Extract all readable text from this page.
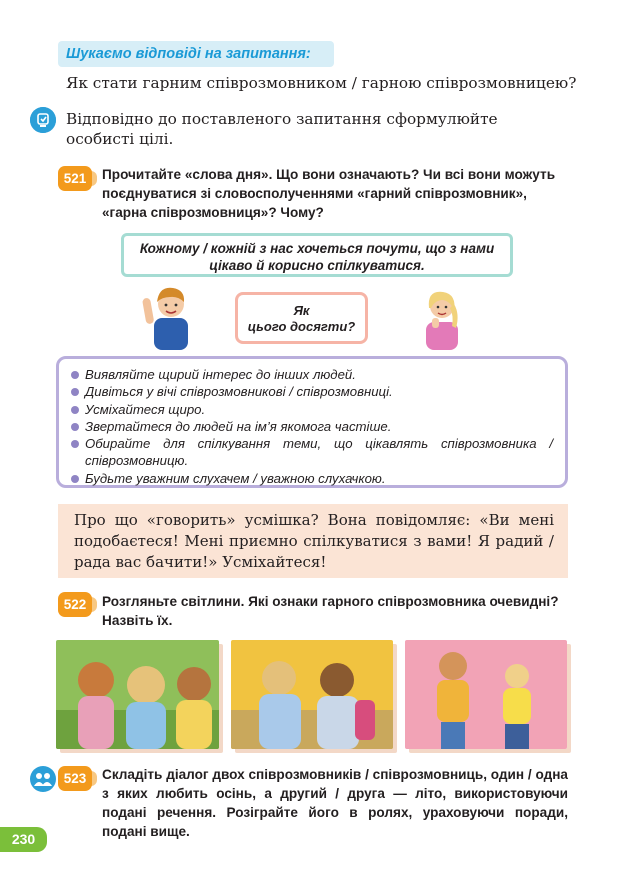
Шукаємо відповіді на запитання:
Як стати гарним співрозмовником / гарною співрозмовницею?
Відповідно до поставленого запитання сформулюйте особисті цілі.
521	Прочитайте «слова дня». Що вони означають? Чи всі вони можуть поєднуватися зі словосполученнями «гарний співрозмовник», «гарна співрозмовниця»? Чому?
Кожному / кожній з нас хочеться почути, що з нами
цікаво й корисно спілкуватися.
Як
цього досягти?
Виявляйте щирий інтерес до інших людей.
Дивіться у вічі співрозмовникові / співрозмовниці.
Усміхайтеся щиро.
Звертайтеся до людей на ім’я якомога частіше.
Обирайте для спілкування теми, що цікавлять співрозмовника / співрозмовницю.
Будьте уважним слухачем / уважною слухачкою.
Про що «говорить» усмішка? Вона повідомляє: «Ви мені подобаєтеся! Мені приємно спілкуватися з вами! Я радий / рада вас бачити!» Усміхайтеся!
522	Розгляньте світлини. Які ознаки гарного співрозмовника очевидні? Назвіть їх.
523	Складіть діалог двох співрозмовників / співрозмовниць, один / одна з яких любить осінь, а другий / друга — літо, використовуючи подані речення. Розіграйте його в ролях, ураховуючи поради, подані вище.
230
